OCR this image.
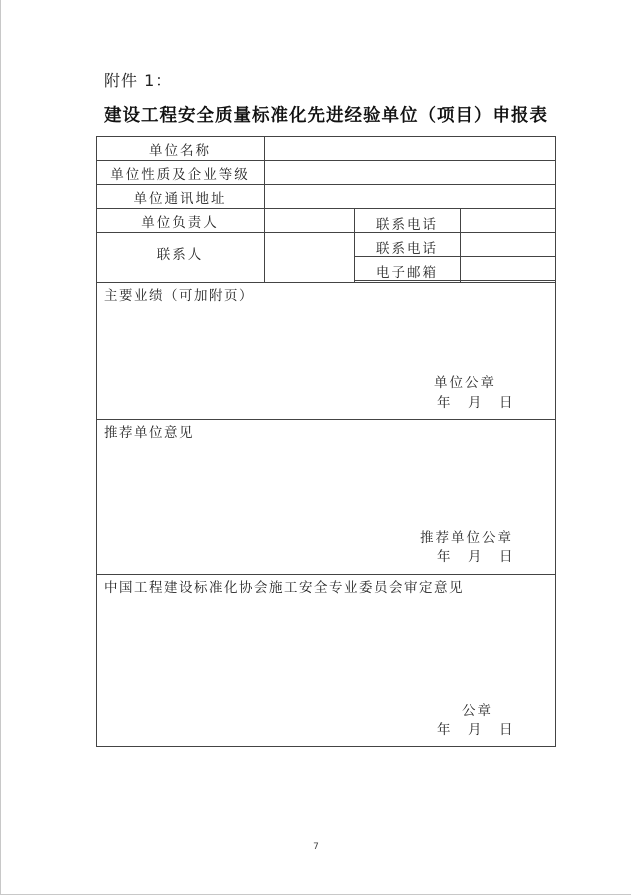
附件 1：
建设工程安全质量标准化先进经验单位（项目）申报表
单位名称
单位性质及企业等级
单位通讯地址
单位负责人
联系人
联系电话
联系电话
电子邮箱
主要业绩（可加附页）
单位公章
年　月　日
推荐单位意见
推荐单位公章
年　月　日
中国工程建设标准化协会施工安全专业委员会审定意见
公章
年　月　日
7
